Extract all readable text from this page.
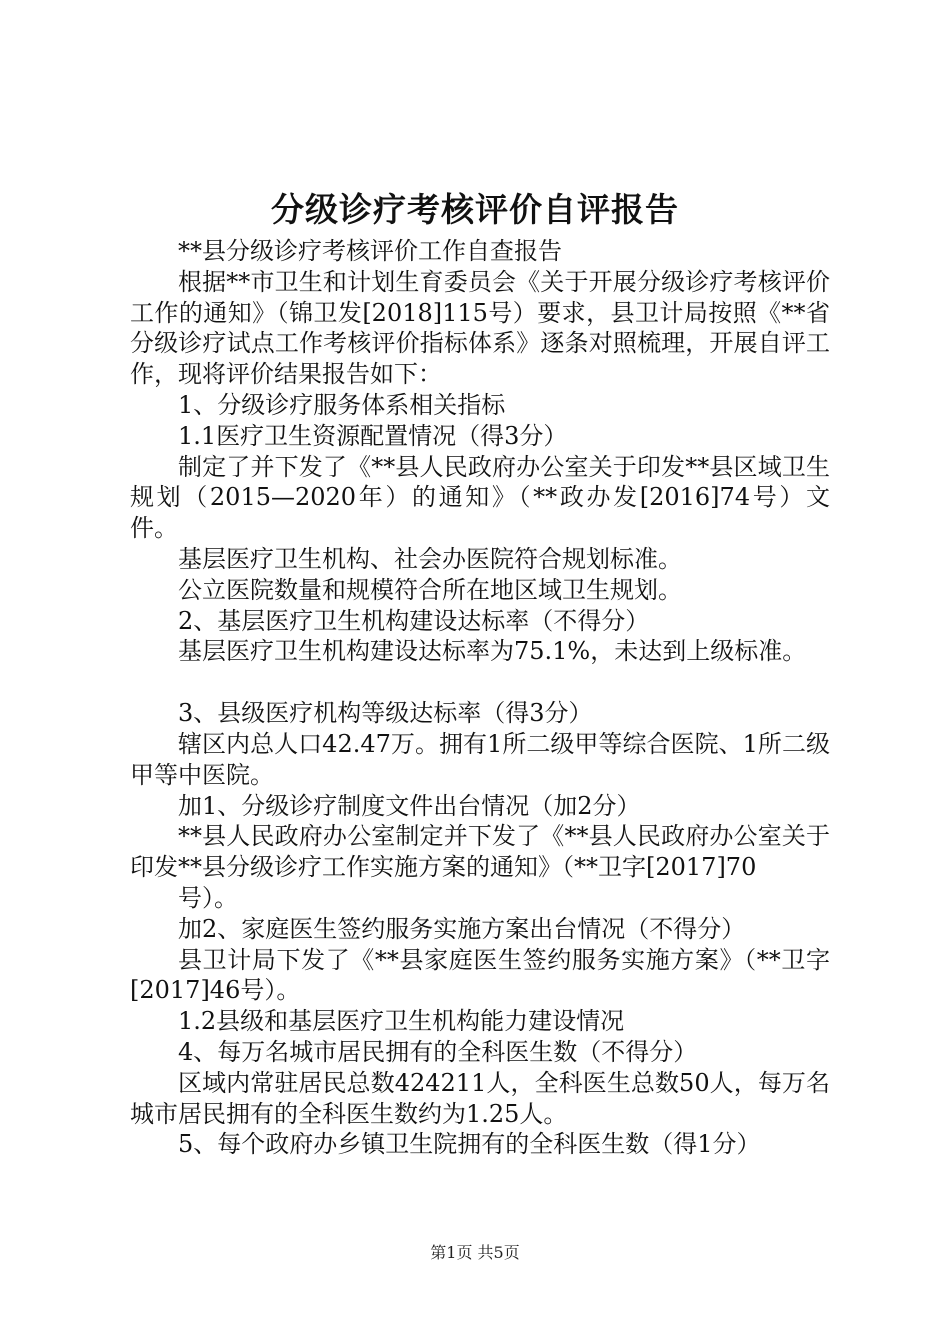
分级诊疗考核评价自评报告

**县分级诊疗考核评价工作自查报告

根据**市卫生和计划生育委员会《关于开展分级诊疗考核评价工作的通知》（锦卫发[2018]115号）要求，县卫计局按照《**省分级诊疗试点工作考核评价指标体系》逐条对照梳理，开展自评工作，现将评价结果报告如下：

1、分级诊疗服务体系相关指标

1.1医疗卫生资源配置情况（得3分）

制定了并下发了《**县人民政府办公室关于印发**县区域卫生规划（2015—2020年）的通知》（**政办发[2016]74号）文件。

基层医疗卫生机构、社会办医院符合规划标准。

公立医院数量和规模符合所在地区域卫生规划。

2、基层医疗卫生机构建设达标率（不得分）

基层医疗卫生机构建设达标率为75.1%，未达到上级标准。

3、县级医疗机构等级达标率（得3分）

辖区内总人口42.47万。拥有1所二级甲等综合医院、1所二级甲等中医院。

加1、分级诊疗制度文件出台情况（加2分）

**县人民政府办公室制定并下发了《**县人民政府办公室关于印发**县分级诊疗工作实施方案的通知》（**卫字[2017]70

号）。

加2、家庭医生签约服务实施方案出台情况（不得分）

县卫计局下发了《**县家庭医生签约服务实施方案》（**卫字[2017]46号）。

1.2县级和基层医疗卫生机构能力建设情况

4、每万名城市居民拥有的全科医生数（不得分）

区域内常驻居民总数424211人，全科医生总数50人，每万名城市居民拥有的全科医生数约为1.25人。

5、每个政府办乡镇卫生院拥有的全科医生数（得1分）

第1页 共5页
